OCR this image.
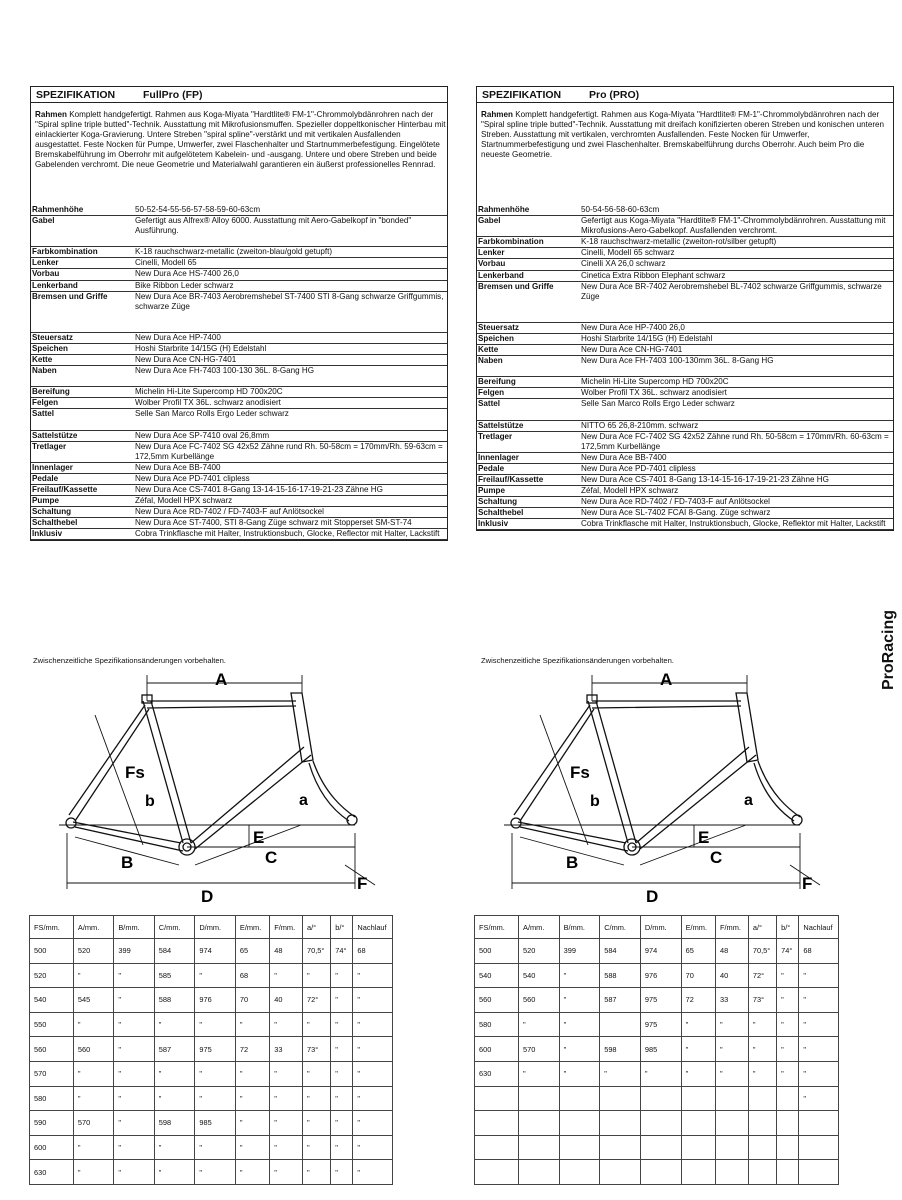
SPEZIFIKATION	FullPro (FP)
Rahmen Komplett handgefertigt. Rahmen aus Koga-Miyata "Hardtlite® FM-1"-Chrommolybdänrohren nach der "Spiral spline triple butted"-Technik. Ausstattung mit Mikrofusionsmuffen. Spezieller doppeltkonischer Hinterbau mit einlackierter Koga-Gravierung. Untere Streben "spiral spline"-verstärkt und mit vertikalen Ausfallenden ausgestattet. Feste Nocken für Pumpe, Umwerfer, zwei Flaschenhalter und Startnummerbefestigung. Eingelötete Bremskabelführung im Oberrohr mit aufgelötetem Kabelein- und -ausgang. Untere und obere Streben und beide Gabelenden verchromt. Die neue Geometrie und Materialwahl garantieren ein äußerst professionelles Rennrad.
Rahmenhöhe	50-52-54-55-56-57-58-59-60-63cm
Gabel	Gefertigt aus Alfrex® Alloy 6000. Ausstattung mit Aero-Gabelkopf in "bonded" Ausführung.
Farbkombination	K-18 rauchschwarz-metallic (zweiton-blau/gold getupft)
Lenker	Cinelli, Modell 65
Vorbau	New Dura Ace HS-7400 26,0
Lenkerband	Bike Ribbon Leder schwarz
Bremsen und Griffe	New Dura Ace BR-7403 Aerobremshebel ST-7400 STI 8-Gang schwarze Griffgummis, schwarze Züge
Steuersatz	New Dura Ace HP-7400
Speichen	Hoshi Starbrite 14/15G (H) Edelstahl
Kette	New Dura Ace CN-HG-7401
Naben	New Dura Ace FH-7403 100-130 36L. 8-Gang HG
Bereifung	Michelin Hi-Lite Supercomp HD 700x20C
Felgen	Wolber Profil TX 36L. schwarz anodisiert
Sattel	Selle San Marco Rolls Ergo Leder schwarz
Sattelstütze	New Dura Ace SP-7410 oval 26,8mm
Tretlager	New Dura Ace FC-7402 SG 42x52 Zähne rund Rh. 50-58cm = 170mm/Rh. 59-63cm = 172,5mm Kurbellänge
Innenlager	New Dura Ace BB-7400
Pedale	New Dura Ace PD-7401 clipless
Freilauf/Kassette	New Dura Ace CS-7401 8-Gang 13-14-15-16-17-19-21-23 Zähne HG
Pumpe	Zéfal, Modell HPX schwarz
Schaltung	New Dura Ace RD-7402 / FD-7403-F auf Anlötsockel
Schalthebel	New Dura Ace ST-7400, STI 8-Gang Züge schwarz mit Stopperset SM-ST-74
Inklusiv	Cobra Trinkflasche mit Halter, Instruktionsbuch, Glocke, Reflector mit Halter, Lackstift
SPEZIFIKATION	Pro (PRO)
Rahmen Komplett handgefertigt. Rahmen aus Koga-Miyata "Hardtlite® FM-1"-Chrommolybdänrohren nach der "Spiral spline triple butted"-Technik. Ausstattung mit dreifach konifizierten oberen Streben und konischen unteren Streben. Ausstattung mit vertikalen, verchromten Ausfallenden. Feste Nocken für Umwerfer, Startnummerbefestigung und zwei Flaschenhalter. Bremskabelführung durchs Oberrohr. Auch beim Pro die neueste Geometrie.
Rahmenhöhe	50-54-56-58-60-63cm
Gabel	Gefertigt aus Koga-Miyata "Hardtlite® FM-1"-Chrommolybdänrohren. Ausstattung mit Mikrofusions-Aero-Gabelkopf. Ausfallenden verchromt.
Farbkombination	K-18 rauchschwarz-metallic (zweiton-rot/silber getupft)
Lenker	Cinelli, Modell 65 schwarz
Vorbau	Cinelli XA 26,0 schwarz
Lenkerband	Cinetica Extra Ribbon Elephant schwarz
Bremsen und Griffe	New Dura Ace BR-7402 Aerobremshebel BL-7402 schwarze Griffgummis, schwarze Züge
Steuersatz	New Dura Ace HP-7400 26,0
Speichen	Hoshi Starbrite 14/15G (H) Edelstahl
Kette	New Dura Ace CN-HG-7401
Naben	New Dura Ace FH-7403 100-130mm 36L. 8-Gang HG
Bereifung	Michelin Hi-Lite Supercomp HD 700x20C
Felgen	Wolber Profil TX 36L. schwarz anodisiert
Sattel	Selle San Marco Rolls Ergo Leder schwarz
Sattelstütze	NITTO 65 26,8-210mm. schwarz
Tretlager	New Dura Ace FC-7402 SG 42x52 Zähne rund Rh. 50-58cm = 170mm/Rh. 60-63cm = 172,5mm Kurbellänge
Innenlager	New Dura Ace BB-7400
Pedale	New Dura Ace PD-7401 clipless
Freilauf/Kassette	New Dura Ace CS-7401 8-Gang 13-14-15-16-17-19-21-23 Zähne HG
Pumpe	Zéfal, Modell HPX schwarz
Schaltung	New Dura Ace RD-7402 / FD-7403-F auf Anlötsockel
Schalthebel	New Dura Ace SL-7402 FCAI 8-Gang. Züge schwarz
Inklusiv	Cobra Trinkflasche mit Halter, Instruktionsbuch, Glocke, Reflektor mit Halter, Lackstift
Zwischenzeitliche Spezifikationsänderungen vorbehalten.	Zwischenzeitliche Spezifikationsänderungen vorbehalten.	ProRacing
A
Fs
b	a
E
B	C
D
F
A
Fs
b	a
E
B	C
D
F
FS/mm.	A/mm.	B/mm.	C/mm.	D/mm.	E/mm.	F/mm.	a/°	b/°	Nachlauf
500	520	399	584	974	65	48	70,5°	74°	68
520	"	"	585	"	68	"	"	"	"
540	545	"	588	976	70	40	72°	"	"
550	"	"	"	"	"	"	"	"	"
560	560	"	587	975	72	33	73°	"	"
570	"	"	"	"	"	"	"	"	"
580	"	"	"	"	"	"	"	"	"
590	570	"	598	985	"	"	"	"	"
600	"	"	"	"	"	"	"	"	"
630	"	"	"	"	"	"	"	"	"
FS/mm.	A/mm.	B/mm.	C/mm.	D/mm.	E/mm.	F/mm.	a/°	b/°	Nachlauf
500	520	399	584	974	65	48	70,5°	74°	68
540	540	"	588	976	70	40	72°	"	"
560	560	"	587	975	72	33	73°	"	"
580	"	"		975	"	"	"	"	"
600	570	"	598	985	"	"	"	"	"
630	"	"	"	"	"	"	"	"	"
									"
